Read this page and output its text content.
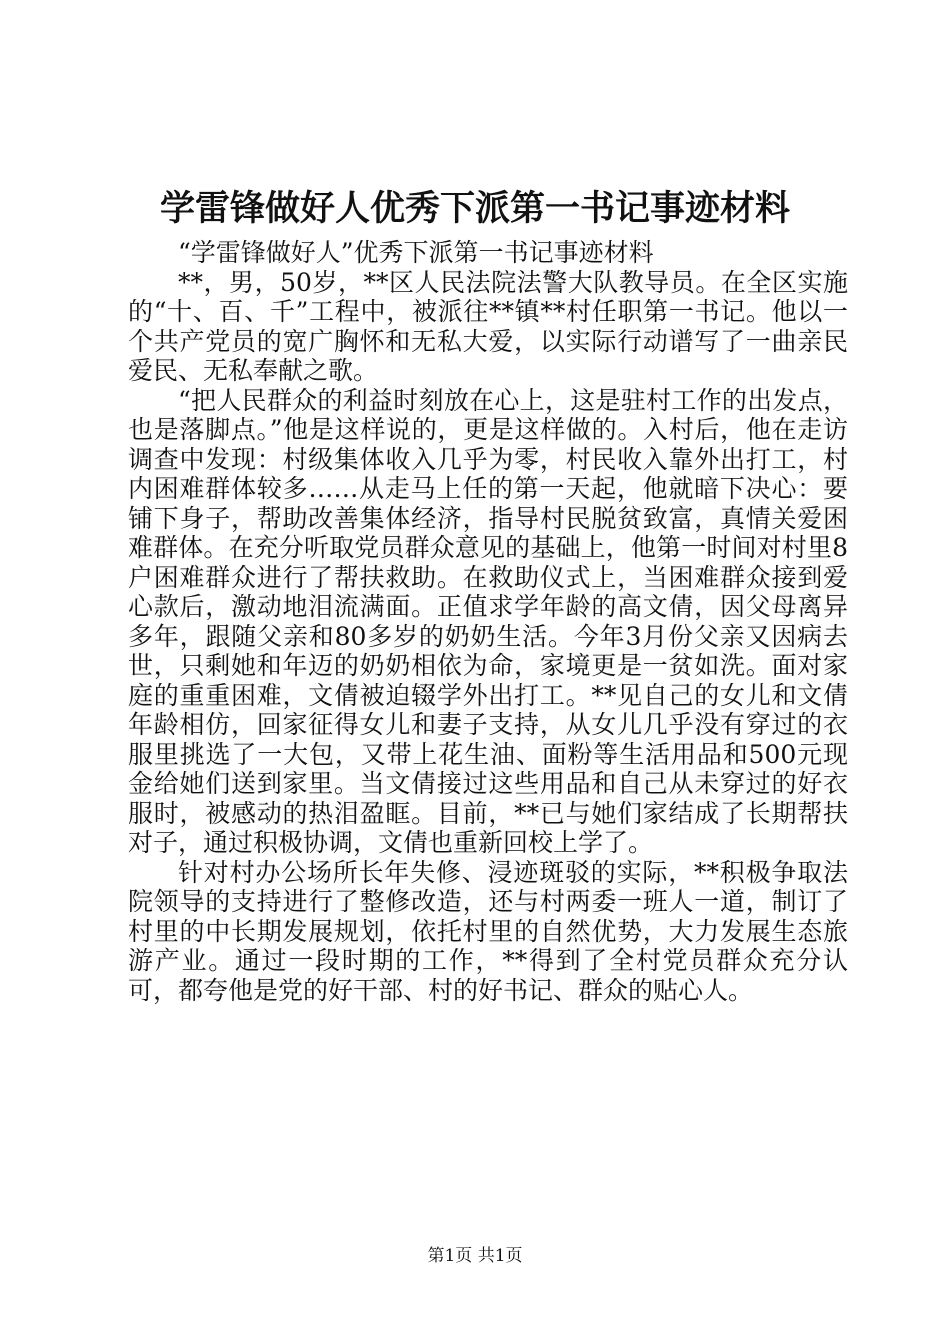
学雷锋做好人优秀下派第一书记事迹材料

“学雷锋做好人”优秀下派第一书记事迹材料

**，男，50岁，**区人民法院法警大队教导员。在全区实施的“十、百、千”工程中，被派往**镇**村任职第一书记。他以一个共产党员的宽广胸怀和无私大爱，以实际行动谱写了一曲亲民爱民、无私奉献之歌。

“把人民群众的利益时刻放在心上，这是驻村工作的出发点，也是落脚点。”他是这样说的，更是这样做的。入村后，他在走访调查中发现：村级集体收入几乎为零，村民收入靠外出打工，村内困难群体较多……从走马上任的第一天起，他就暗下决心：要铺下身子，帮助改善集体经济，指导村民脱贫致富，真情关爱困难群体。在充分听取党员群众意见的基础上，他第一时间对村里8户困难群众进行了帮扶救助。在救助仪式上，当困难群众接到爱心款后，激动地泪流满面。正值求学年龄的高文倩，因父母离异多年，跟随父亲和80多岁的奶奶生活。今年3月份父亲又因病去世，只剩她和年迈的奶奶相依为命，家境更是一贫如洗。面对家庭的重重困难，文倩被迫辍学外出打工。**见自己的女儿和文倩年龄相仿，回家征得女儿和妻子支持，从女儿几乎没有穿过的衣服里挑选了一大包，又带上花生油、面粉等生活用品和500元现金给她们送到家里。当文倩接过这些用品和自己从未穿过的好衣服时，被感动的热泪盈眶。目前，**已与她们家结成了长期帮扶对子，通过积极协调，文倩也重新回校上学了。

针对村办公场所长年失修、浸迹斑驳的实际，**积极争取法院领导的支持进行了整修改造，还与村两委一班人一道，制订了村里的中长期发展规划，依托村里的自然优势，大力发展生态旅游产业。通过一段时期的工作，**得到了全村党员群众充分认可，都夸他是党的好干部、村的好书记、群众的贴心人。

第1页 共1页
